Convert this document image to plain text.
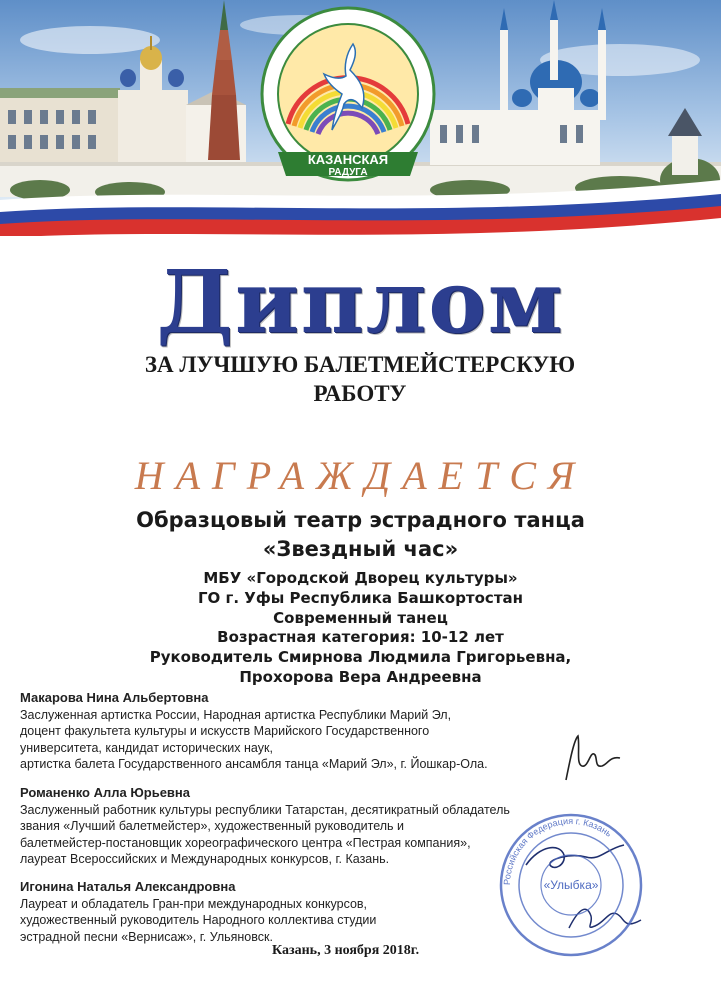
КАЗАНСКАЯ
РАДУГА
Диплом
ЗА ЛУЧШУЮ БАЛЕТМЕЙСТЕРСКУЮ
РАБОТУ
НАГРАЖДАЕТСЯ
Образцовый театр эстрадного танца
«Звездный час»
МБУ «Городской Дворец культуры»
ГО г. Уфы Республика Башкортостан
Современный танец
Возрастная категория: 10-12 лет
Руководитель Смирнова Людмила Григорьевна,
Прохорова Вера Андреевна
Макарова Нина Альбертовна
Заслуженная артистка России, Народная артистка Республики Марий Эл,
доцент факультета культуры и искусств Марийского Государственного
университета, кандидат исторических наук,
артистка балета Государственного ансамбля танца «Марий Эл», г. Йошкар-Ола.
Романенко Алла Юрьевна
Заслуженный работник культуры республики Татарстан, десятикратный обладатель
звания «Лучший балетмейстер», художественный руководитель и
балетмейстер-постановщик хореографического центра «Пестрая компания»,
лауреат Всероссийских и Международных конкурсов, г. Казань.
Игонина Наталья Александровна
Лауреат и обладатель Гран-при международных конкурсов,
художественный руководитель Народного коллектива студии
эстрадной песни «Вернисаж», г. Ульяновск.
Российская Федерация г. Казань
«Улыбка»
Казань, 3 ноября 2018г.
